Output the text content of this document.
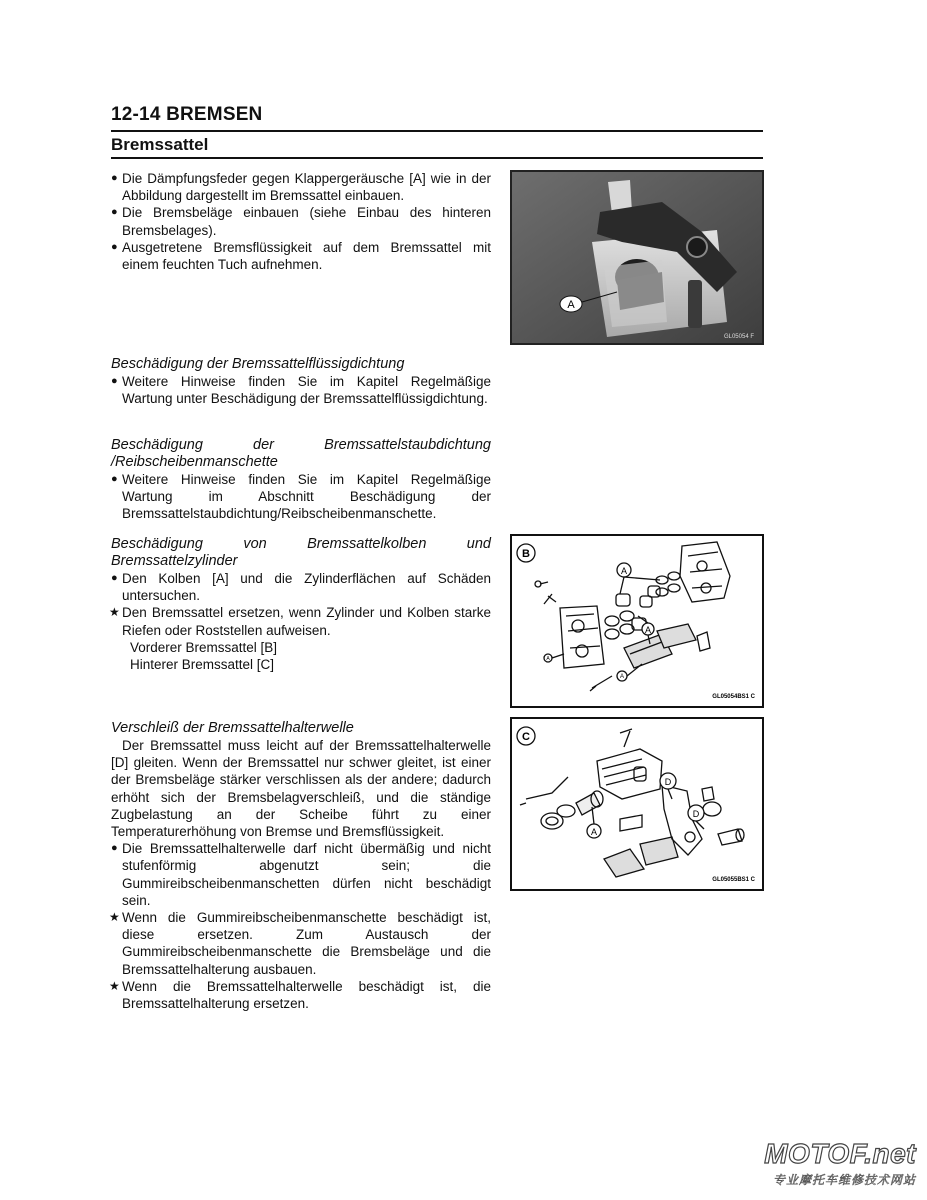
12-14 BREMSEN
Bremssattel
● Die Dämpfungsfeder gegen Klappergeräusche [A] wie in der Abbildung dargestellt im Bremssattel einbauen.
● Die Bremsbeläge einbauen (siehe Einbau des hinteren Bremsbelages).
● Ausgetretene Bremsflüssigkeit auf dem Bremssattel mit einem feuchten Tuch aufnehmen.
Beschädigung der Bremssattelflüssigdichtung
● Weitere Hinweise finden Sie im Kapitel Regelmäßige Wartung unter Beschädigung der Bremssattelflüssigdichtung.
Beschädigung der Bremssattelstaubdichtung
/Reibscheibenmanschette
● Weitere Hinweise finden Sie im Kapitel Regelmäßige Wartung im Abschnitt Beschädigung der Bremssattelstaubdichtung/Reibscheibenmanschette.
Beschädigung von Bremssattelkolben und
Bremssattelzylinder
● Den Kolben [A] und die Zylinderflächen auf Schäden untersuchen.
★ Den Bremssattel ersetzen, wenn Zylinder und Kolben starke Riefen oder Roststellen aufweisen.
Vorderer Bremssattel [B]
Hinterer Bremssattel [C]
Verschleiß der Bremssattelhalterwelle
Der Bremssattel muss leicht auf der Bremssattelhalterwelle [D] gleiten. Wenn der Bremssattel nur schwer gleitet, ist einer der Bremsbeläge stärker verschlissen als der andere; dadurch erhöht sich der Bremsbelagverschleiß, und die ständige Zugbelastung an der Scheibe führt zu einer Temperaturerhöhung von Bremse und Bremsflüssigkeit.
● Die Bremssattelhalterwelle darf nicht übermäßig und nicht stufenförmig abgenutzt sein; die Gummireibscheibenmanschetten dürfen nicht beschädigt sein.
★ Wenn die Gummireibscheibenmanschette beschädigt ist, diese ersetzen. Zum Austausch der Gummireibscheibenmanschette die Bremsbeläge und die Bremssattelhalterung ausbauen.
★ Wenn die Bremssattelhalterwelle beschädigt ist, die Bremssattelhalterung ersetzen.
A
GL05054 F
B
A
A
A
A
GL05054BS1 C
C
A
D
D
GL05055BS1 C
MOTOF.net
专业摩托车维修技术网站
